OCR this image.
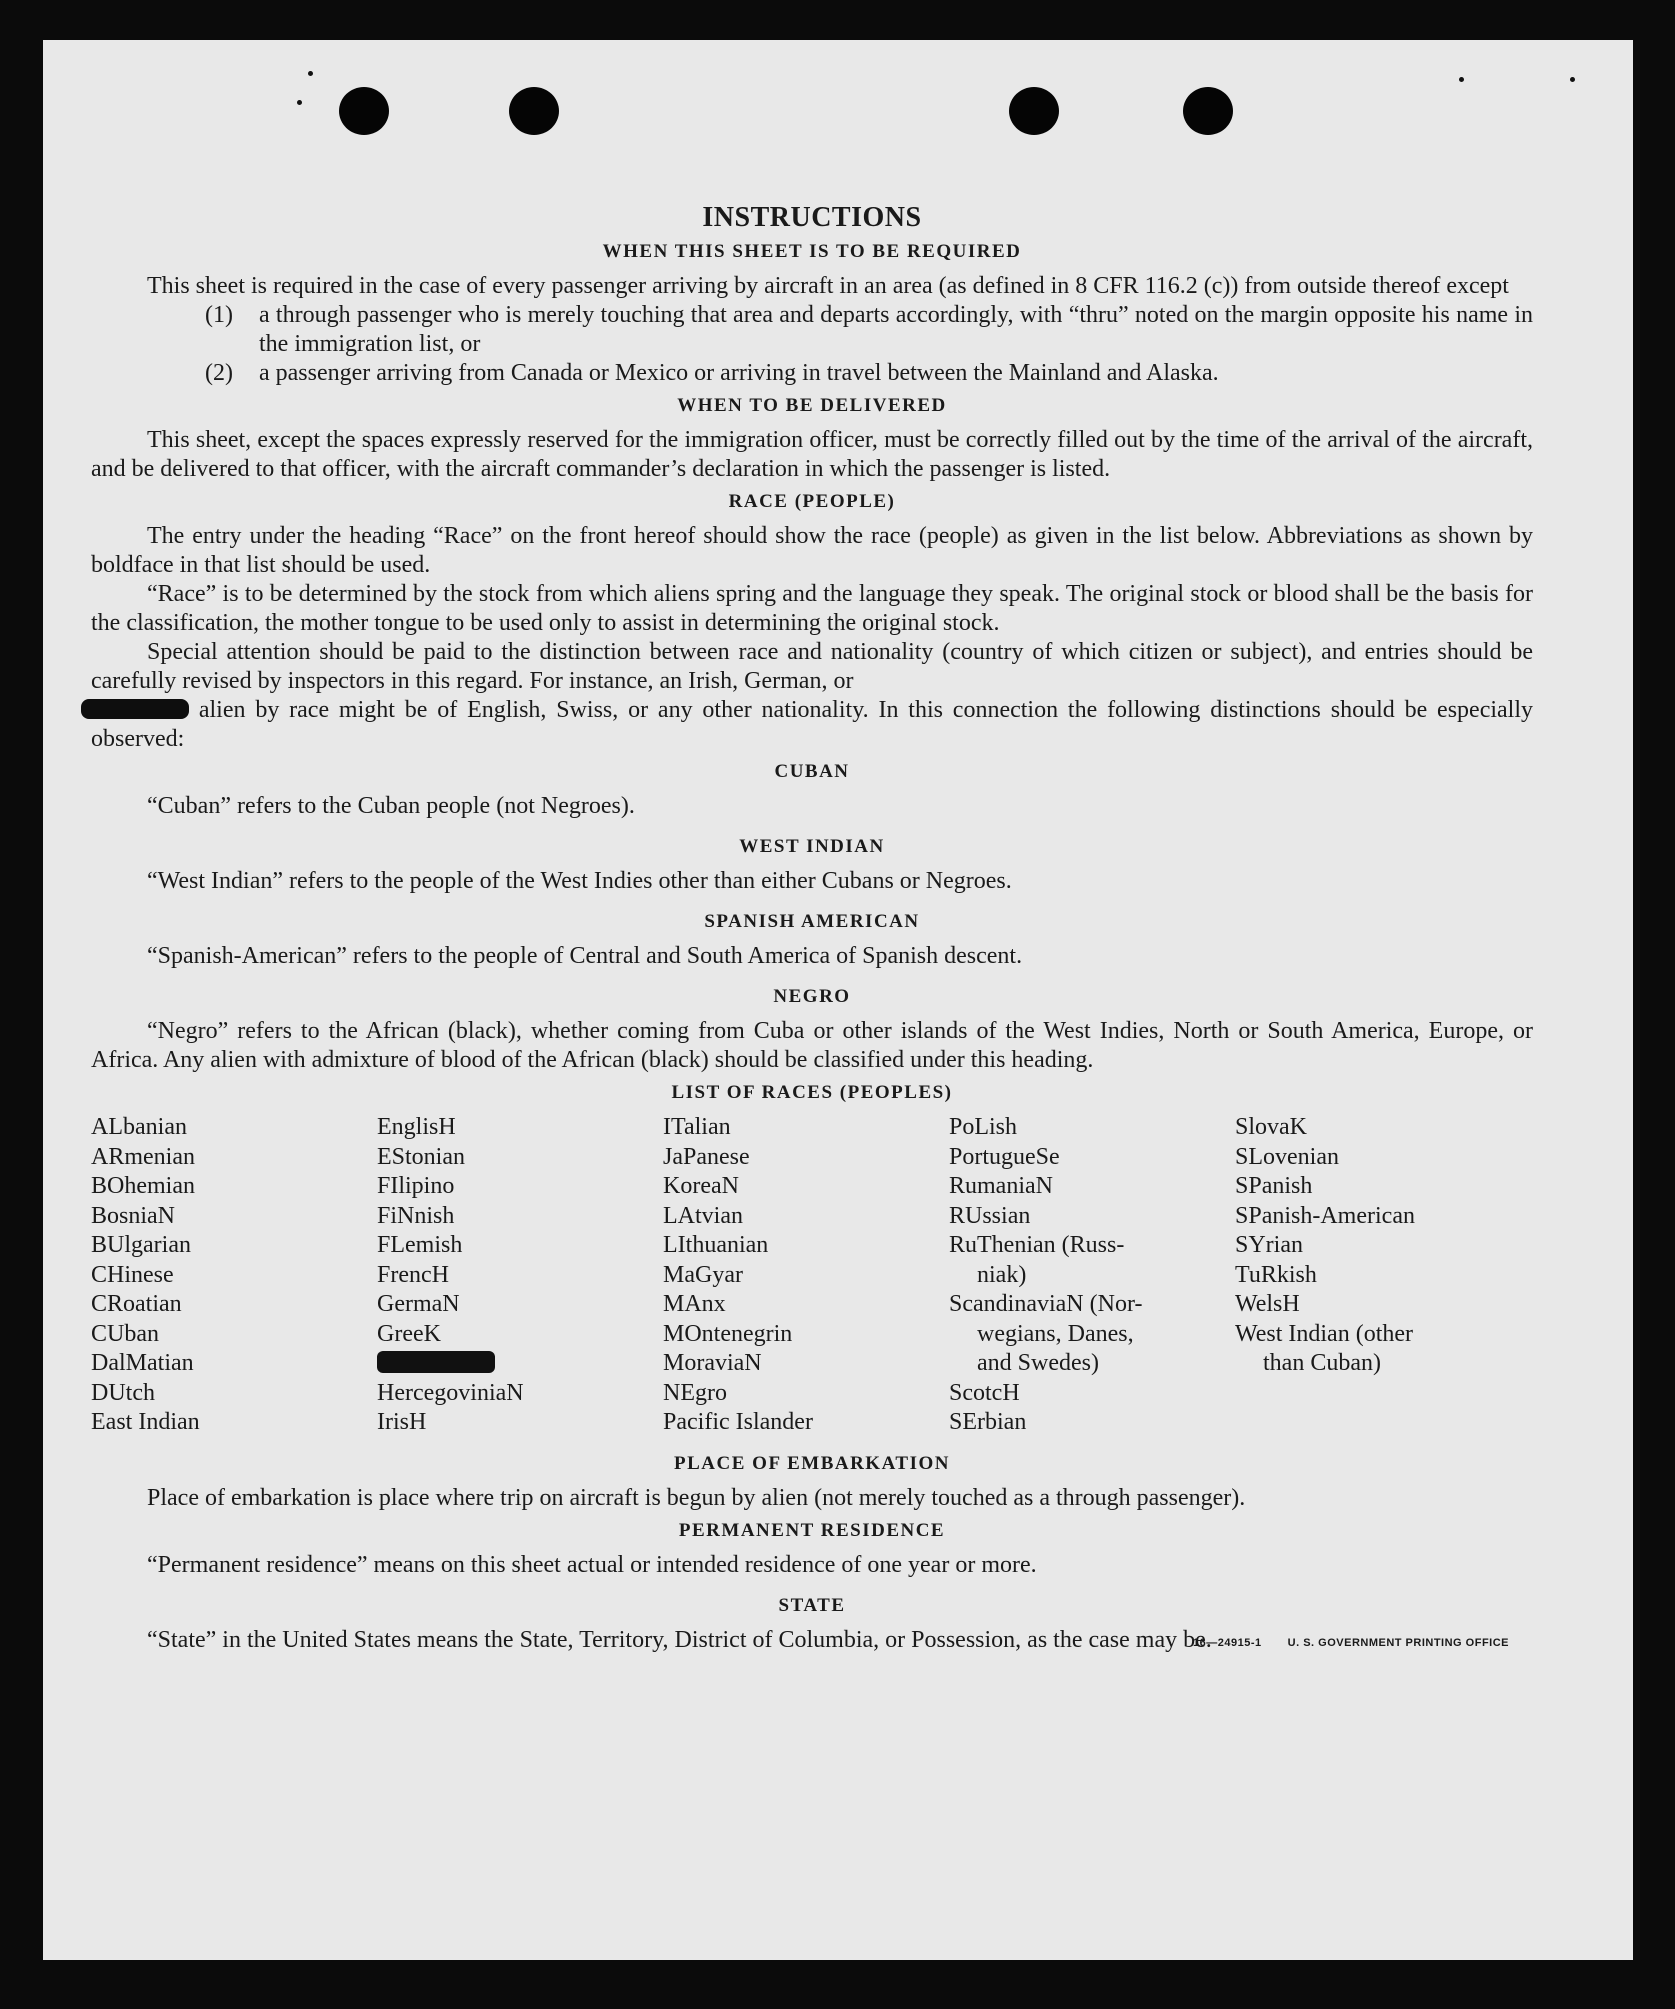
INSTRUCTIONS
WHEN THIS SHEET IS TO BE REQUIRED

This sheet is required in the case of every passenger arriving by aircraft in an area (as defined in 8 CFR 116.2 (c)) from outside thereof except

(1)	a through passenger who is merely touching that area and departs accordingly, with “thru” noted on the margin opposite his name in the immigration list, or
(2)	a passenger arriving from Canada or Mexico or arriving in travel between the Mainland and Alaska.
WHEN TO BE DELIVERED

This sheet, except the spaces expressly reserved for the immigration officer, must be correctly filled out by the time of the arrival of the aircraft, and be delivered to that officer, with the aircraft commander’s declaration in which the passenger is listed.

RACE (PEOPLE)

The entry under the heading “Race” on the front hereof should show the race (people) as given in the list below. Abbreviations as shown by boldface in that list should be used.

“Race” is to be determined by the stock from which aliens spring and the language they speak. The original stock or blood shall be the basis for the classification, the mother tongue to be used only to assist in determining the original stock.

Special attention should be paid to the distinction between race and nationality (country of which citizen or subject), and entries should be carefully revised by inspectors in this regard. For instance, an Irish, German, or

alien by race might be of English, Swiss, or any other nationality. In this connection the following distinctions should be especially observed:

CUBAN

“Cuban” refers to the Cuban people (not Negroes).

WEST INDIAN

“West Indian” refers to the people of the West Indies other than either Cubans or Negroes.

SPANISH AMERICAN

“Spanish-American” refers to the people of Central and South America of Spanish descent.

NEGRO

“Negro” refers to the African (black), whether coming from Cuba or other islands of the West Indies, North or South America, Europe, or Africa. Any alien with admixture of blood of the African (black) should be classified under this heading.

LIST OF RACES (PEOPLES)
ALbanian
ARmenian
BOhemian
BosniaN
BUlgarian
CHinese
CRoatian
CUban
DalMatian
DUtch
East Indian
EnglisH
EStonian
FIlipino
FiNnish
FLemish
FrencH
GermaN
GreeK
HercegoviniaN
IrisH
ITalian
JaPanese
KoreaN
LAtvian
LIthuanian
MaGyar
MAnx
MOntenegrin
MoraviaN
NEgro
Pacific Islander
PoLish
PortugueSe
RumaniaN
RUssian
RuThenian (Russ-
niak)
ScandinaviaN (Nor-
wegians, Danes,
and Swedes)
ScotcH
SErbian
SlovaK
SLovenian
SPanish
SPanish-American
SYrian
TuRkish
WelsH
West Indian (other
than Cuban)
PLACE OF EMBARKATION

Place of embarkation is place where trip on aircraft is begun by alien (not merely touched as a through passenger).

PERMANENT RESIDENCE

“Permanent residence” means on this sheet actual or intended residence of one year or more.

STATE

“State” in the United States means the State, Territory, District of Columbia, or Possession, as the case may be.

16—24915-1 U. S. GOVERNMENT PRINTING OFFICE
